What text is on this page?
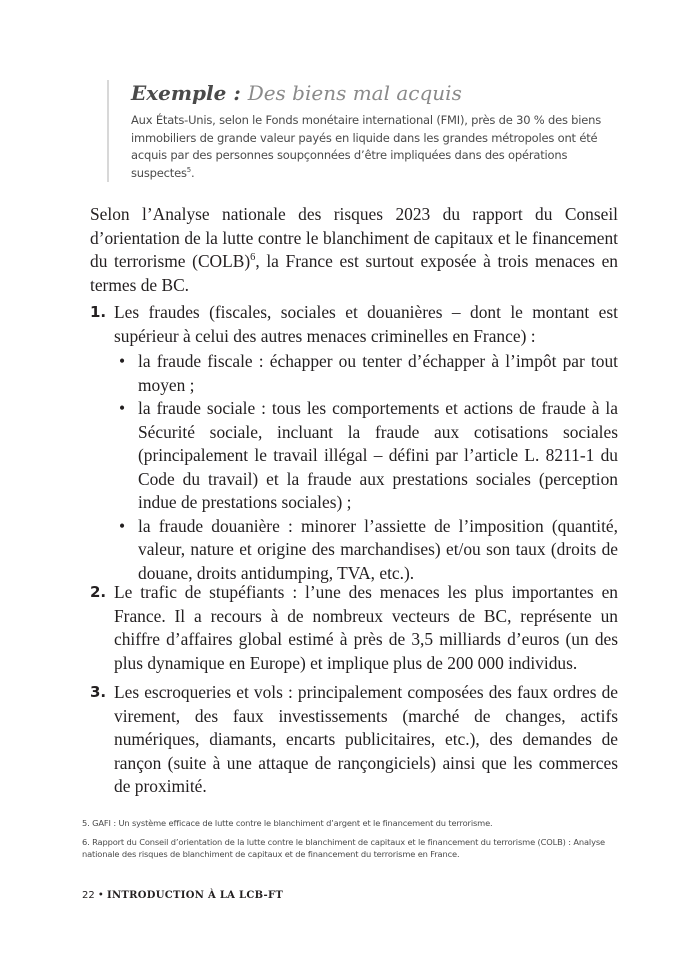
Exemple : Des biens mal acquis

Aux États-Unis, selon le Fonds monétaire international (FMI), près de 30 % des biens immobiliers de grande valeur payés en liquide dans les grandes métropoles ont été acquis par des personnes soupçonnées d’être impliquées dans des opérations suspectes$^5$.

Selon l’Analyse nationale des risques 2023 du rapport du Conseil d’orientation de la lutte contre le blanchiment de capitaux et le financement du terrorisme (COLB)$^6$, la France est surtout exposée à trois menaces en termes de BC.

1. Les fraudes (fiscales, sociales et douanières – dont le montant est supérieur à celui des autres menaces criminelles en France) :
• la fraude fiscale : échapper ou tenter d’échapper à l’impôt par tout moyen ;
• la fraude sociale : tous les comportements et actions de fraude à la Sécurité sociale, incluant la fraude aux cotisations sociales (principalement le travail illégal – défini par l’article L. 8211-1 du Code du travail) et la fraude aux prestations sociales (perception indue de prestations sociales) ;
• la fraude douanière : minorer l’assiette de l’imposition (quantité, valeur, nature et origine des marchandises) et/ou son taux (droits de douane, droits antidumping, TVA, etc.).
2. Le trafic de stupéfiants : l’une des menaces les plus importantes en France. Il a recours à de nombreux vecteurs de BC, représente un chiffre d’affaires global estimé à près de 3,5 milliards d’euros (un des plus dynamique en Europe) et implique plus de 200 000 individus.
3. Les escroqueries et vols : principalement composées des faux ordres de virement, des faux investissements (marché de changes, actifs numériques, diamants, encarts publicitaires, etc.), des demandes de rançon (suite à une attaque de rançongiciels) ainsi que les commerces de proximité.

5. GAFI : Un système efficace de lutte contre le blanchiment d’argent et le financement du terrorisme.

6. Rapport du Conseil d’orientation de la lutte contre le blanchiment de capitaux et le financement du terrorisme (COLB) : Analyse nationale des risques de blanchiment de capitaux et de financement du terrorisme en France.

22 • INTRODUCTION À LA LCB-FT
